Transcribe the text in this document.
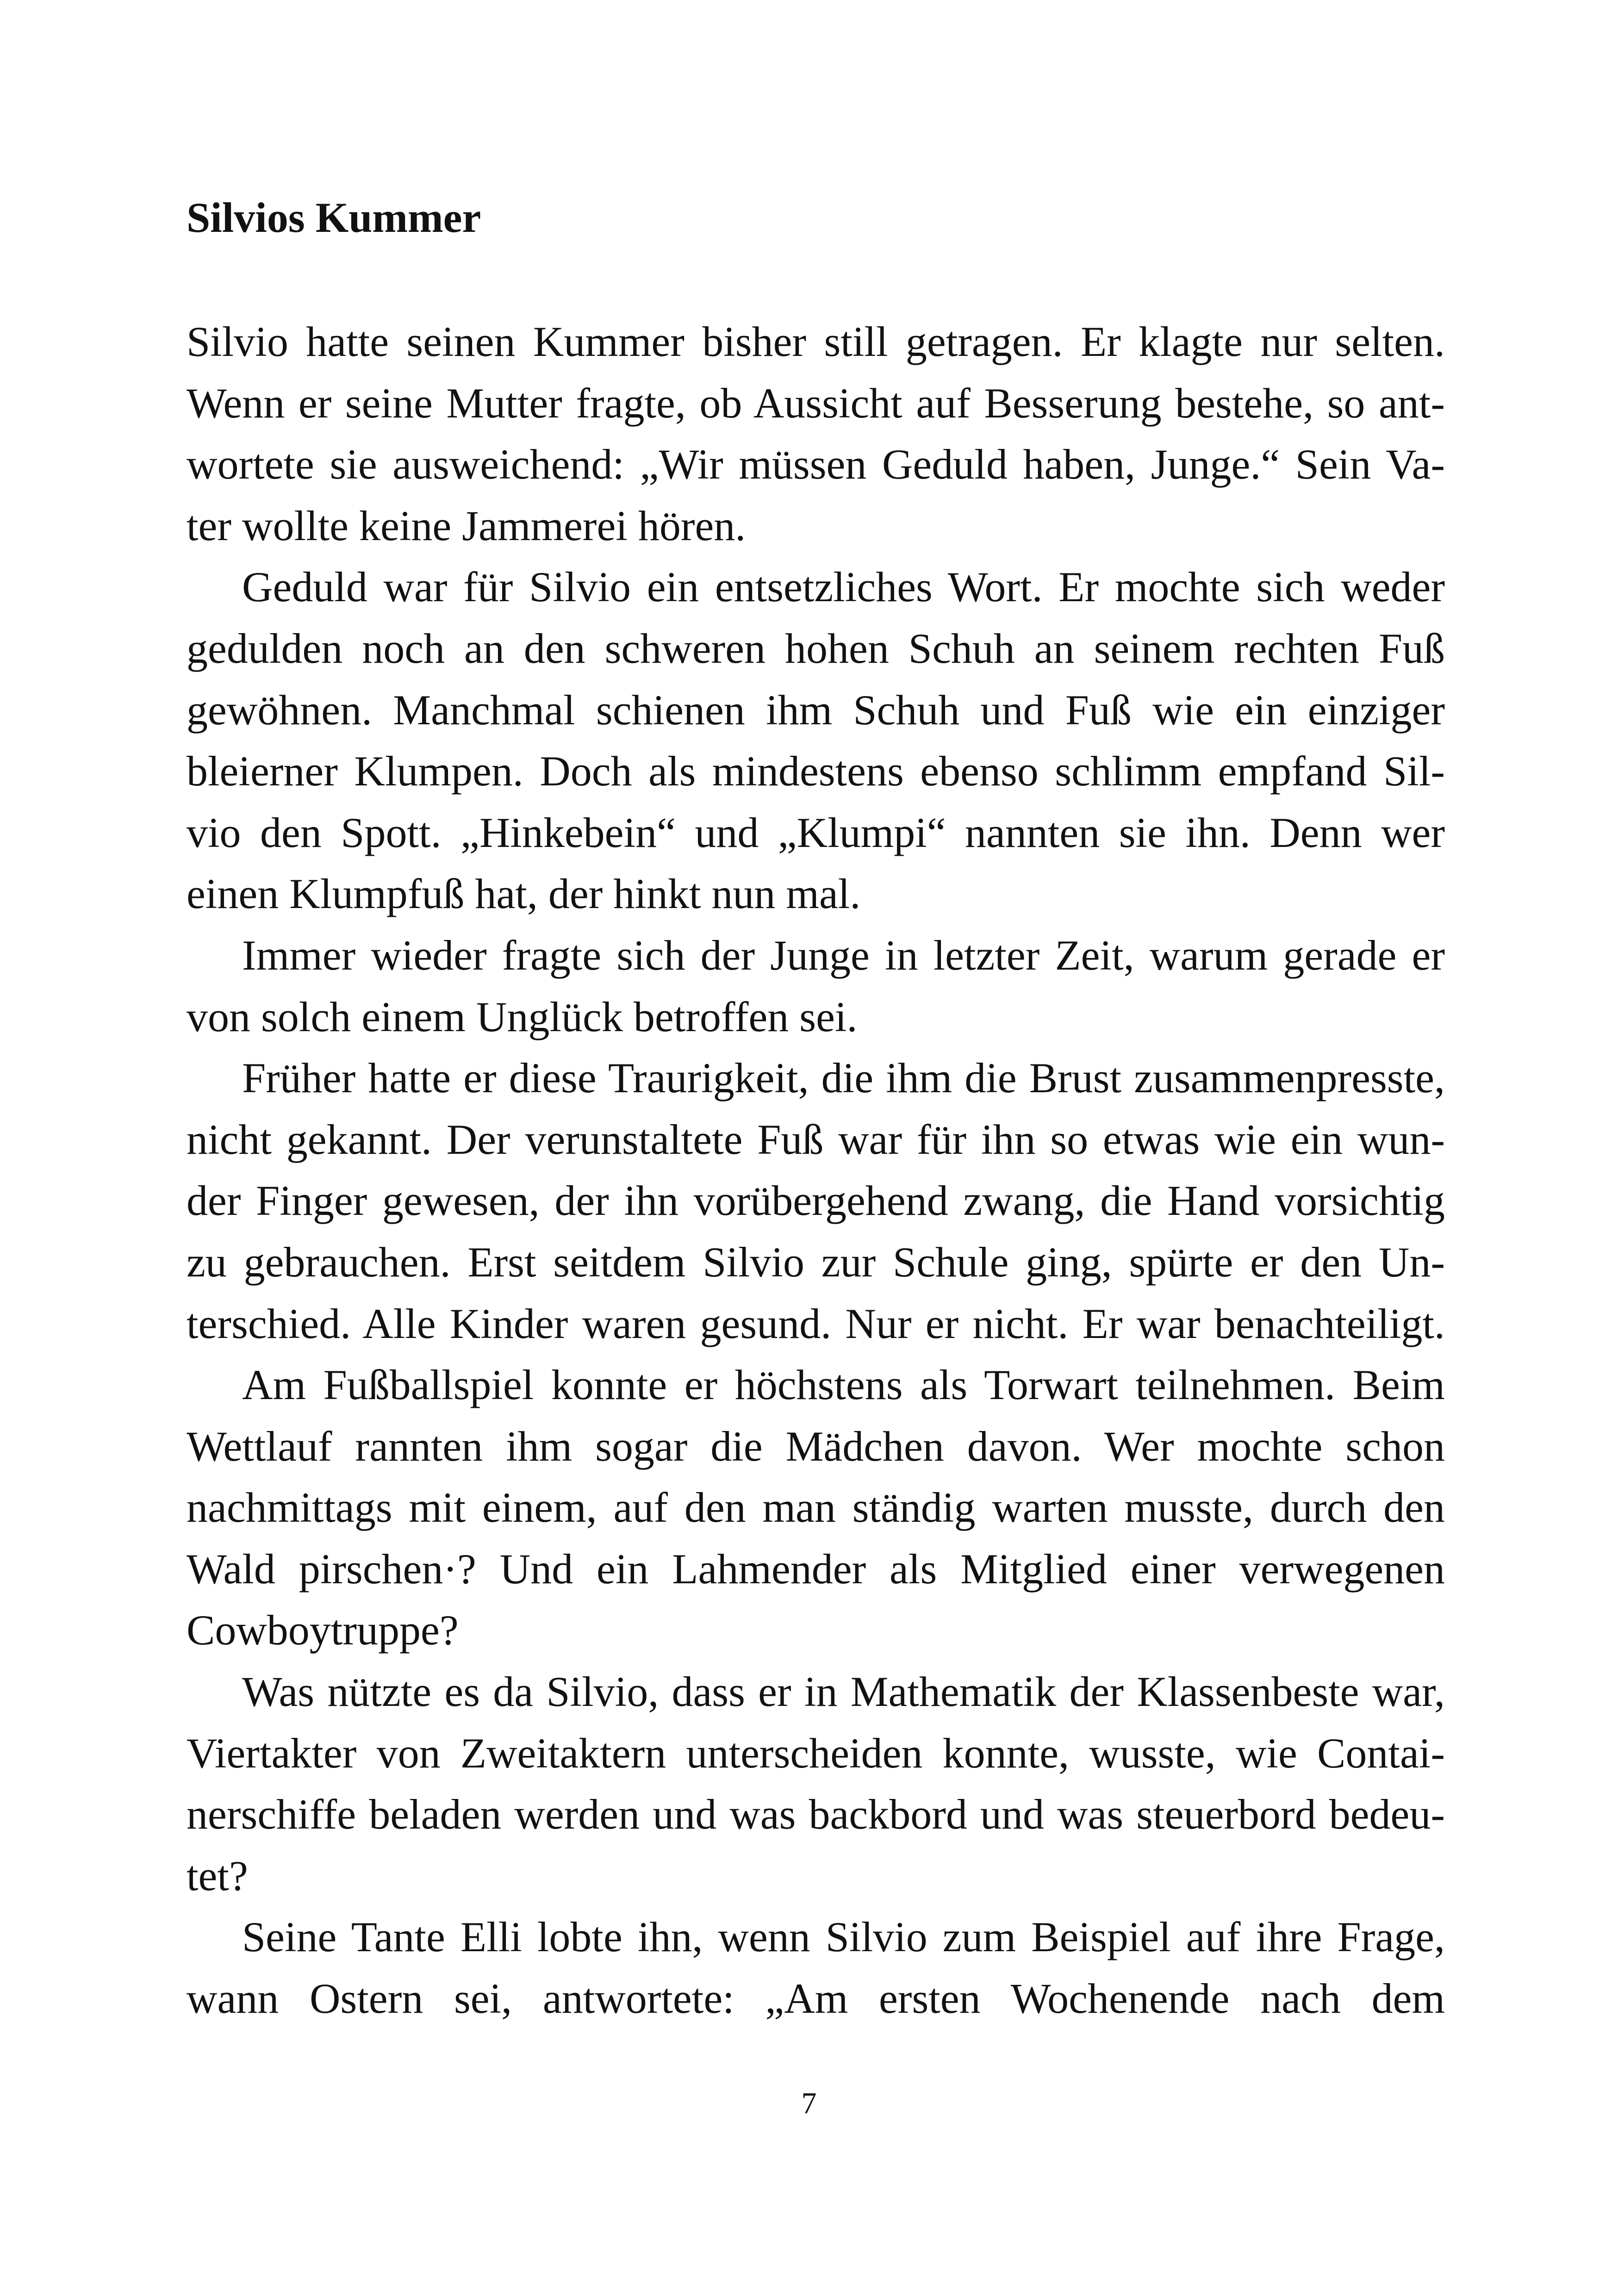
Silvios Kummer
Silvio hatte seinen Kummer bisher still getragen. Er klagte nur selten.
Wenn er seine Mutter fragte, ob Aussicht auf Besserung bestehe, so ant-
wortete sie ausweichend: „Wir müssen Geduld haben, Junge.“ Sein Va-
ter wollte keine Jammerei hören.
Geduld war für Silvio ein entsetzliches Wort. Er mochte sich weder
gedulden noch an den schweren hohen Schuh an seinem rechten Fuß
gewöhnen. Manchmal schienen ihm Schuh und Fuß wie ein einziger
bleierner Klumpen. Doch als mindestens ebenso schlimm empfand Sil-
vio den Spott. „Hinkebein“ und „Klumpi“ nannten sie ihn. Denn wer
einen Klumpfuß hat, der hinkt nun mal.
Immer wieder fragte sich der Junge in letzter Zeit, warum gerade er
von solch einem Unglück betroffen sei.
Früher hatte er diese Traurigkeit, die ihm die Brust zusammenpresste,
nicht gekannt. Der verunstaltete Fuß war für ihn so etwas wie ein wun-
der Finger gewesen, der ihn vorübergehend zwang, die Hand vorsichtig
zu gebrauchen. Erst seitdem Silvio zur Schule ging, spürte er den Un-
terschied. Alle Kinder waren gesund. Nur er nicht. Er war benachteiligt.
Am Fußballspiel konnte er höchstens als Torwart teilnehmen. Beim
Wettlauf rannten ihm sogar die Mädchen davon. Wer mochte schon
nachmittags mit einem, auf den man ständig warten musste, durch den
Wald pirschen·? Und ein Lahmender als Mitglied einer verwegenen
Cowboytruppe?
Was nützte es da Silvio, dass er in Mathematik der Klassenbeste war,
Viertakter von Zweitaktern unterscheiden konnte, wusste, wie Contai-
nerschiffe beladen werden und was backbord und was steuerbord bedeu-
tet?
Seine Tante Elli lobte ihn, wenn Silvio zum Beispiel auf ihre Frage,
wann Ostern sei, antwortete: „Am ersten Wochenende nach dem
7
